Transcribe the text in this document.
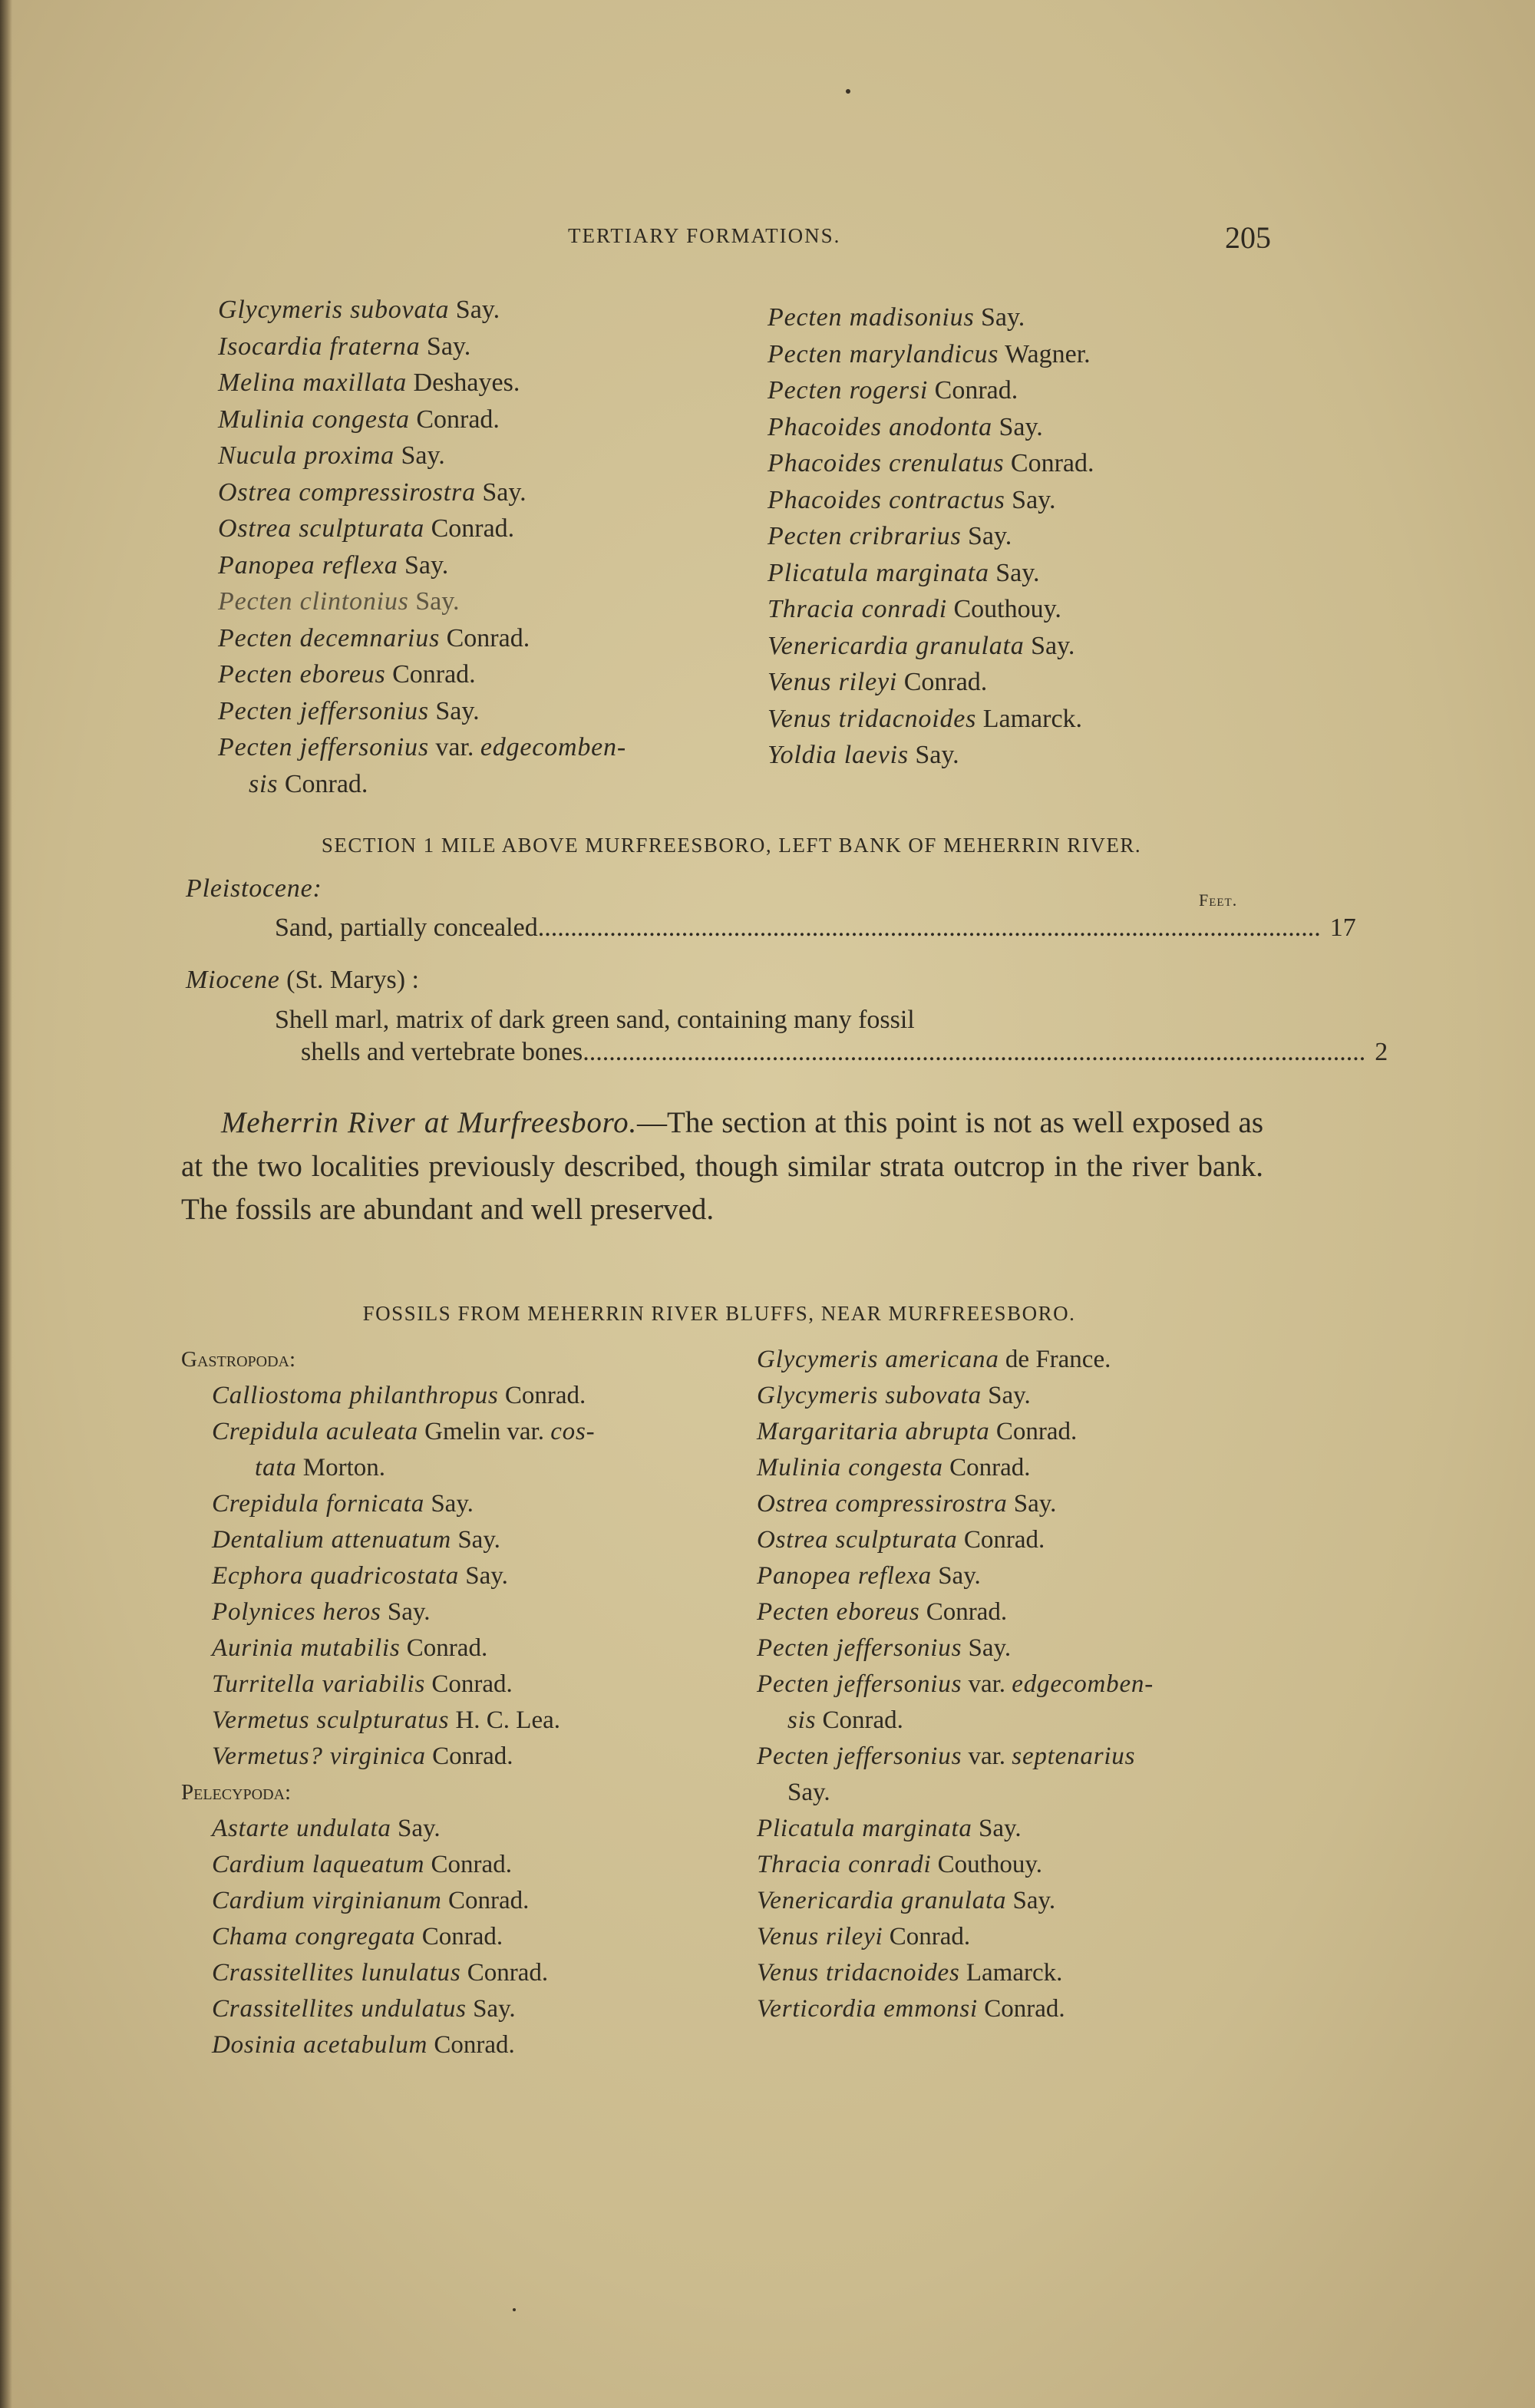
TERTIARY FORMATIONS.	205
Glycymeris subovata Say.
Isocardia fraterna Say.
Melina maxillata Deshayes.
Mulinia congesta Conrad.
Nucula proxima Say.
Ostrea compressirostra Say.
Ostrea sculpturata Conrad.
Panopea reflexa Say.
Pecten clintonius Say.
Pecten decemnarius Conrad.
Pecten eboreus Conrad.
Pecten jeffersonius Say.
Pecten jeffersonius var. edgecomben-
sis Conrad.
Pecten madisonius Say.
Pecten marylandicus Wagner.
Pecten rogersi Conrad.
Phacoides anodonta Say.
Phacoides crenulatus Conrad.
Phacoides contractus Say.
Pecten cribrarius Say.
Plicatula marginata Say.
Thracia conradi Couthouy.
Venericardia granulata Say.
Venus rileyi Conrad.
Venus tridacnoides Lamarck.
Yoldia laevis Say.
SECTION 1 MILE ABOVE MURFREESBORO, LEFT BANK OF MEHERRIN RIVER.
Pleistocene:	Feet.
Sand, partially concealed ........................................................................................................................ 17
Miocene (St. Marys) :
Shell marl, matrix of dark green sand, containing many fossil
shells and vertebrate bones ........................................................................................................................ 2
Meherrin River at Murfreesboro.—The section at this point is not as well exposed as at the two localities previously described, though similar strata outcrop in the river bank. The fossils are abundant and well preserved.
FOSSILS FROM MEHERRIN RIVER BLUFFS, NEAR MURFREESBORO.
Gastropoda:
Calliostoma philanthropus Conrad.
Crepidula aculeata Gmelin var. cos-
tata Morton.
Crepidula fornicata Say.
Dentalium attenuatum Say.
Ecphora quadricostata Say.
Polynices heros Say.
Aurinia mutabilis Conrad.
Turritella variabilis Conrad.
Vermetus sculpturatus H. C. Lea.
Vermetus? virginica Conrad.
Pelecypoda:
Astarte undulata Say.
Cardium laqueatum Conrad.
Cardium virginianum Conrad.
Chama congregata Conrad.
Crassitellites lunulatus Conrad.
Crassitellites undulatus Say.
Dosinia acetabulum Conrad.
Glycymeris americana de France.
Glycymeris subovata Say.
Margaritaria abrupta Conrad.
Mulinia congesta Conrad.
Ostrea compressirostra Say.
Ostrea sculpturata Conrad.
Panopea reflexa Say.
Pecten eboreus Conrad.
Pecten jeffersonius Say.
Pecten jeffersonius var. edgecomben-
sis Conrad.
Pecten jeffersonius var. septenarius
Say.
Plicatula marginata Say.
Thracia conradi Couthouy.
Venericardia granulata Say.
Venus rileyi Conrad.
Venus tridacnoides Lamarck.
Verticordia emmonsi Conrad.
